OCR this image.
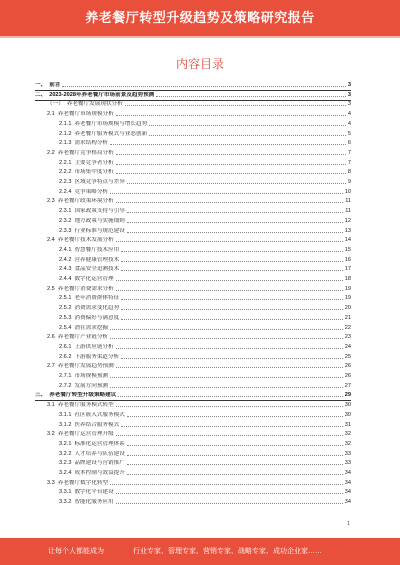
养老餐厅转型升级趋势及策略研究报告
内容目录
一、 前言	3
二、 2023-2028年养老餐厅市场前景及趋势预测	3
（一） 养老餐厅发展现状分析	3
2.1 养老餐厅市场规模分析	4
2.1.1 养老餐厅市场规模与增长趋势	4
2.1.2 养老餐厅服务模式与业态创新	5
2.1.3 需求结构分析	6
2.2 养老餐厅竞争格局分析	7
2.2.1 主要竞争者分析	7
2.2.2 市场集中度分析	8
2.2.3 区域竞争特点与差异	9
2.2.4 竞争策略分析	10
2.3 养老餐厅政策环境分析	11
2.3.1 国家政策支持与引导	11
2.3.2 地方政策与实施细则	12
2.3.3 行业标准与规范建设	13
2.4 养老餐厅技术发展分析	14
2.4.1 智慧餐厅技术应用	15
2.4.2 营养健康管理技术	16
2.4.3 食品安全追溯技术	17
2.4.4 数字化运营管理	18
2.5 养老餐厅消费需求分析	19
2.5.1 老年消费群体特征	19
2.5.2 消费需求变化趋势	20
2.5.3 消费偏好与满意度	21
2.5.4 潜在需求挖掘	22
2.6 养老餐厅产业链分析	23
2.6.1 上游供应链分析	24
2.6.2 下游服务渠道分析	25
2.7 养老餐厅发展趋势预测	26
2.7.1 市场规模预测	26
2.7.2 发展方向预测	27
三、 养老餐厅转型升级策略建议	29
3.1 养老餐厅服务模式转型	30
3.1.1 社区嵌入式服务模式	30
3.1.2 医养结合服务模式	31
3.2 养老餐厅运营管理升级	32
3.2.1 标准化运营管理体系	32
3.2.2 人才培养与队伍建设	33
3.2.3 品牌建设与营销推广	33
3.2.4 成本控制与效益提升	34
3.3 养老餐厅数字化转型	34
3.3.1 数字化平台建设	34
3.3.2 智能化服务应用	34
1
让每个人都能成为	行业专家、管理专家、营销专家、战略专家、成功企业家……
